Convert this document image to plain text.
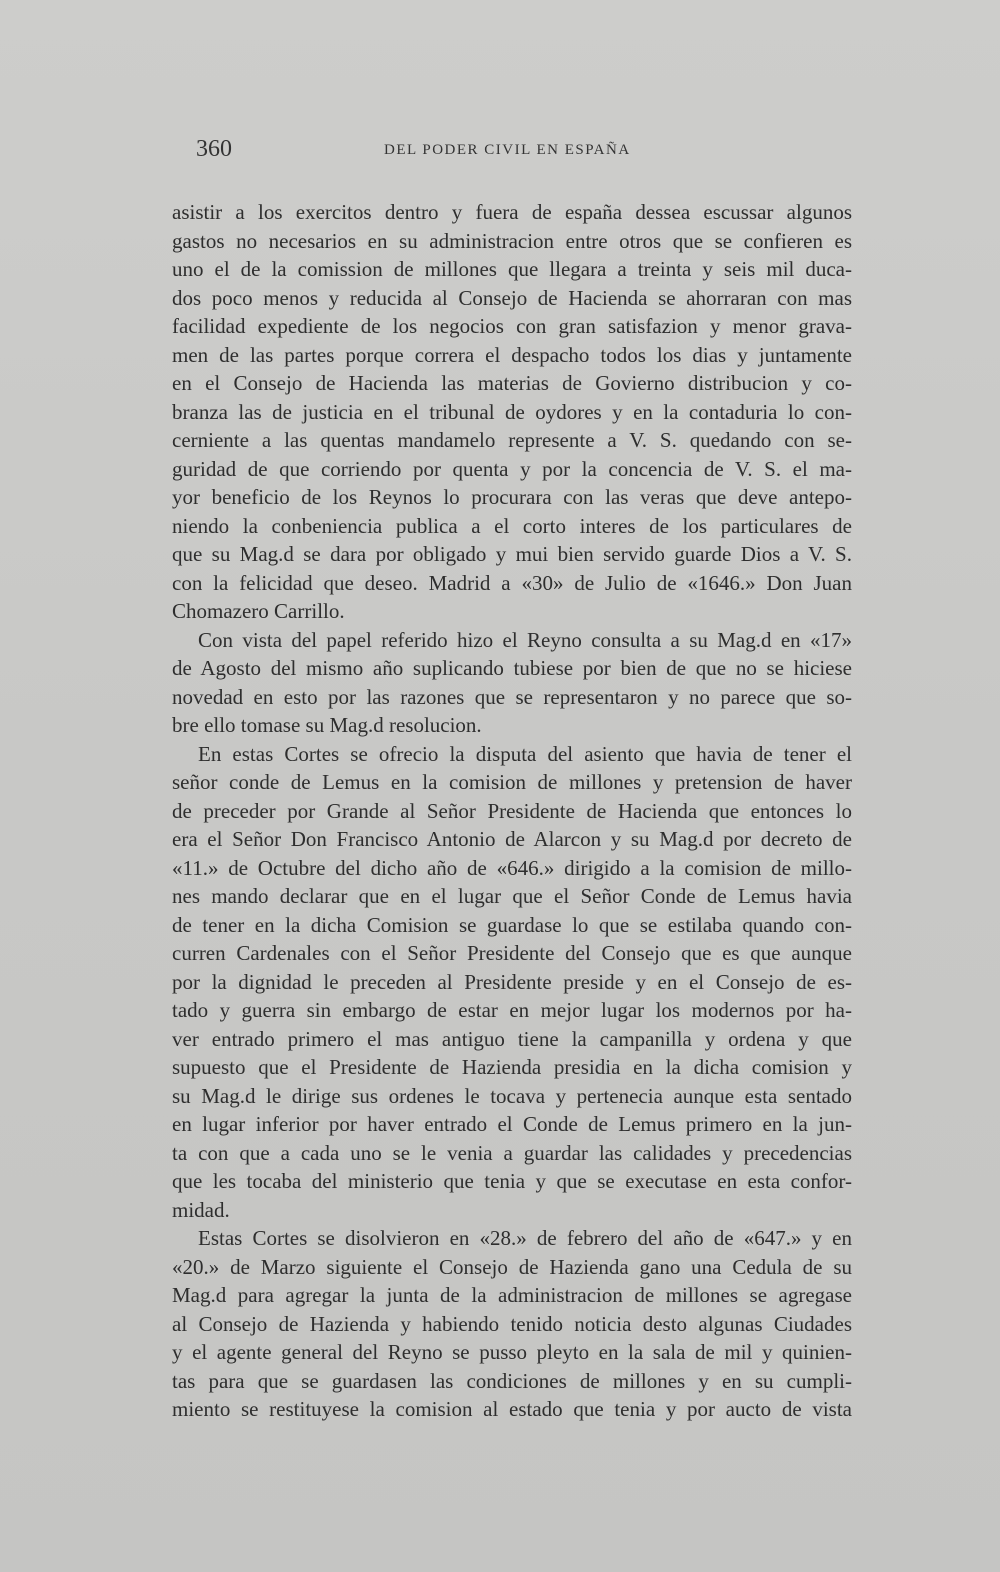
360	DEL PODER CIVIL EN ESPAÑA
asistir a los exercitos dentro y fuera de españa dessea escussar algunos
gastos no necesarios en su administracion entre otros que se confieren es
uno el de la comission de millones que llegara a treinta y seis mil duca-
dos poco menos y reducida al Consejo de Hacienda se ahorraran con mas
facilidad expediente de los negocios con gran satisfazion y menor grava-
men de las partes porque correra el despacho todos los dias y juntamente
en el Consejo de Hacienda las materias de Govierno distribucion y co-
branza las de justicia en el tribunal de oydores y en la contaduria lo con-
cerniente a las quentas mandamelo represente a V. S. quedando con se-
guridad de que corriendo por quenta y por la concencia de V. S. el ma-
yor beneficio de los Reynos lo procurara con las veras que deve antepo-
niendo la conbeniencia publica a el corto interes de los particulares de
que su Mag.d se dara por obligado y mui bien servido guarde Dios a V. S.
con la felicidad que deseo. Madrid a «30» de Julio de «1646.» Don Juan
Chomazero Carrillo.
Con vista del papel referido hizo el Reyno consulta a su Mag.d en «17»
de Agosto del mismo año suplicando tubiese por bien de que no se hiciese
novedad en esto por las razones que se representaron y no parece que so-
bre ello tomase su Mag.d resolucion.
En estas Cortes se ofrecio la disputa del asiento que havia de tener el
señor conde de Lemus en la comision de millones y pretension de haver
de preceder por Grande al Señor Presidente de Hacienda que entonces lo
era el Señor Don Francisco Antonio de Alarcon y su Mag.d por decreto de
«11.» de Octubre del dicho año de «646.» dirigido a la comision de millo-
nes mando declarar que en el lugar que el Señor Conde de Lemus havia
de tener en la dicha Comision se guardase lo que se estilaba quando con-
curren Cardenales con el Señor Presidente del Consejo que es que aunque
por la dignidad le preceden al Presidente preside y en el Consejo de es-
tado y guerra sin embargo de estar en mejor lugar los modernos por ha-
ver entrado primero el mas antiguo tiene la campanilla y ordena y que
supuesto que el Presidente de Hazienda presidia en la dicha comision y
su Mag.d le dirige sus ordenes le tocava y pertenecia aunque esta sentado
en lugar inferior por haver entrado el Conde de Lemus primero en la jun-
ta con que a cada uno se le venia a guardar las calidades y precedencias
que les tocaba del ministerio que tenia y que se executase en esta confor-
midad.
Estas Cortes se disolvieron en «28.» de febrero del año de «647.» y en
«20.» de Marzo siguiente el Consejo de Hazienda gano una Cedula de su
Mag.d para agregar la junta de la administracion de millones se agregase
al Consejo de Hazienda y habiendo tenido noticia desto algunas Ciudades
y el agente general del Reyno se pusso pleyto en la sala de mil y quinien-
tas para que se guardasen las condiciones de millones y en su cumpli-
miento se restituyese la comision al estado que tenia y por aucto de vista
